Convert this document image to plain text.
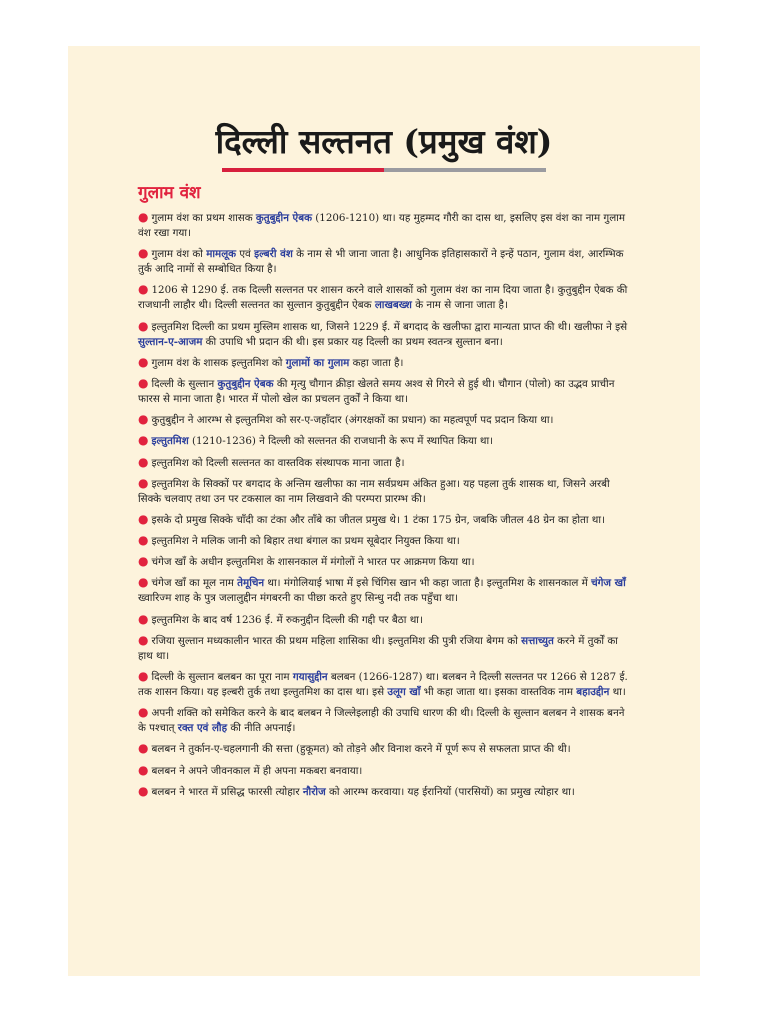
दिल्ली सल्तनत (प्रमुख वंश)
गुलाम वंश
● गुलाम वंश का प्रथम शासक कुतुबुद्दीन ऐबक (1206-1210) था। यह मुहम्मद गौरी का दास था, इसलिए इस वंश का नाम गुलाम वंश रखा गया।
● गुलाम वंश को मामलूक एवं इल्बरी वंश के नाम से भी जाना जाता है। आधुनिक इतिहासकारों ने इन्हें पठान, गुलाम वंश, आरम्भिक तुर्क आदि नामों से सम्बोधित किया है।
● 1206 से 1290 ई. तक दिल्ली सल्तनत पर शासन करने वाले शासकों को गुलाम वंश का नाम दिया जाता है। कुतुबुद्दीन ऐबक की राजधानी लाहौर थी। दिल्ली सल्तनत का सुल्तान कुतुबुद्दीन ऐबक लाखबख्श के नाम से जाना जाता है।
● इल्तुतमिश दिल्ली का प्रथम मुस्लिम शासक था, जिसने 1229 ई. में बगदाद के खलीफा द्वारा मान्यता प्राप्त की थी। खलीफा ने इसे सुल्तान-ए-आजम की उपाधि भी प्रदान की थी। इस प्रकार यह दिल्ली का प्रथम स्वतन्त्र सुल्तान बना।
● गुलाम वंश के शासक इल्तुतमिश को गुलामों का गुलाम कहा जाता है।
● दिल्ली के सुल्तान कुतुबुद्दीन ऐबक की मृत्यु चौगान क्रीड़ा खेलते समय अश्व से गिरने से हुई थी। चौगान (पोलो) का उद्भव प्राचीन फारस से माना जाता है। भारत में पोलो खेल का प्रचलन तुर्कों ने किया था।
● कुतुबुद्दीन ने आरम्भ से इल्तुतमिश को सर-ए-जहाँदार (अंगरक्षकों का प्रधान) का महत्वपूर्ण पद प्रदान किया था।
● इल्तुतमिश (1210-1236) ने दिल्ली को सल्तनत की राजधानी के रूप में स्थापित किया था।
● इल्तुतमिश को दिल्ली सल्तनत का वास्तविक संस्थापक माना जाता है।
● इल्तुतमिश के सिक्कों पर बगदाद के अन्तिम खलीफा का नाम सर्वप्रथम अंकित हुआ। यह पहला तुर्क शासक था, जिसने अरबी सिक्के चलवाए तथा उन पर टकसाल का नाम लिखवाने की परम्परा प्रारम्भ की।
● इसके दो प्रमुख सिक्के चाँदी का टंका और ताँबे का जीतल प्रमुख थे। 1 टंका 175 ग्रेन, जबकि जीतल 48 ग्रेन का होता था।
● इल्तुतमिश ने मलिक जानी को बिहार तथा बंगाल का प्रथम सूबेदार नियुक्त किया था।
● चंगेज खाँ के अधीन इल्तुतमिश के शासनकाल में मंगोलों ने भारत पर आक्रमण किया था।
● चंगेज खाँ का मूल नाम तेमूचिन था। मंगोलियाई भाषा में इसे चिंगिस खान भी कहा जाता है। इल्तुतमिश के शासनकाल में चंगेज खाँ ख्वारिज्म शाह के पुत्र जलालुद्दीन मंगबरनी का पीछा करते हुए सिन्धु नदी तक पहुँचा था।
● इल्तुतमिश के बाद वर्ष 1236 ई. में रुकनुद्दीन दिल्ली की गद्दी पर बैठा था।
● रजिया सुल्तान मध्यकालीन भारत की प्रथम महिला शासिका थी। इल्तुतमिश की पुत्री रजिया बेगम को सत्ताच्युत करने में तुर्कों का हाथ था।
● दिल्ली के सुल्तान बलबन का पूरा नाम गयासुद्दीन बलबन (1266-1287) था। बलबन ने दिल्ली सल्तनत पर 1266 से 1287 ई. तक शासन किया। यह इल्बरी तुर्क तथा इल्तुतमिश का दास था। इसे उलूग खाँ भी कहा जाता था। इसका वास्तविक नाम बहाउद्दीन था।
● अपनी शक्ति को समेकित करने के बाद बलबन ने जिल्लेइलाही की उपाधि धारण की थी। दिल्ली के सुल्तान बलबन ने शासक बनने के पश्चात् रक्त एवं लौह की नीति अपनाई।
● बलबन ने तुर्कान-ए-चहलगानी की सत्ता (हुकूमत) को तोड़ने और विनाश करने में पूर्ण रूप से सफलता प्राप्त की थी।
● बलबन ने अपने जीवनकाल में ही अपना मकबरा बनवाया।
● बलबन ने भारत में प्रसिद्ध फारसी त्योहार नौरोज को आरम्भ करवाया। यह ईरानियों (पारसियों) का प्रमुख त्योहार था।
